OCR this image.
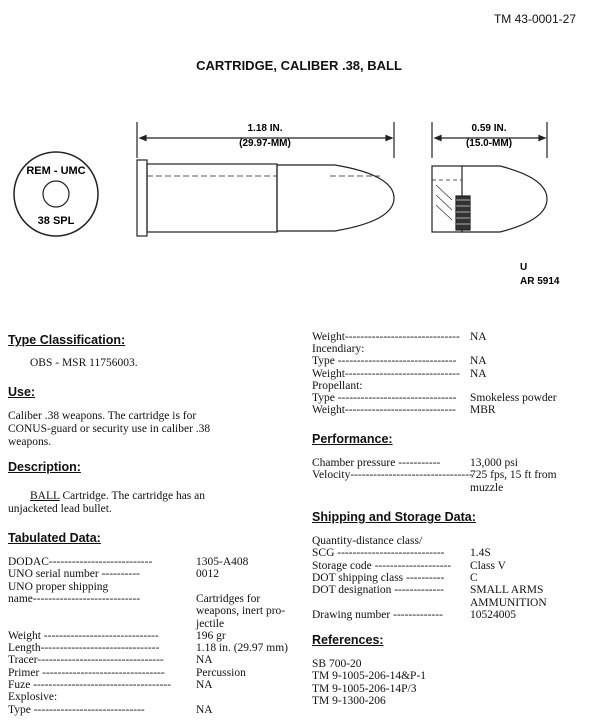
TM 43-0001-27
CARTRIDGE, CALIBER .38, BALL
REM - UMC
38 SPL
1.18 IN.
(29.97-MM)
0.59 IN.
(15.0-MM)
U
AR 5914
Type Classification:
OBS - MSR 11756003.
Use:
Caliber .38 weapons. The cartridge is for
CONUS-guard or security use in caliber .38
weapons.
Description:
BALL Cartridge. The cartridge has an
unjacketed lead bullet.
Tabulated Data:
DODAC---------------------------	1305-A408
UNO serial number ----------	0012
UNO proper shipping
name----------------------------	Cartridges for
weapons, inert pro-
jectile
Weight ------------------------------	196 gr
Length-------------------------------	1.18 in. (29.97 mm)
Tracer---------------------------------	NA
Primer --------------------------------	Percussion
Fuze ------------------------------------ NA
Explosive:
Type -----------------------------	NA
Weight------------------------------ NA
Incendiary:
Type ------------------------------- NA
Weight------------------------------ NA
Propellant:
Type ------------------------------- Smokeless powder
Weight----------------------------- MBR
Performance:
Chamber pressure -----------	13,000 psi
Velocity--------------------------------
725 fps, 15 ft from
muzzle
Shipping and Storage Data:
Quantity-distance class/
SCG ---------------------------- 1.4S
Storage code -------------------- Class V
DOT shipping class ---------- C
DOT designation ------------- SMALL ARMS
AMMUNITION
Drawing number ------------- 10524005
References:
SB 700-20
TM 9-1005-206-14&P-1
TM 9-1005-206-14P/3
TM 9-1300-206
